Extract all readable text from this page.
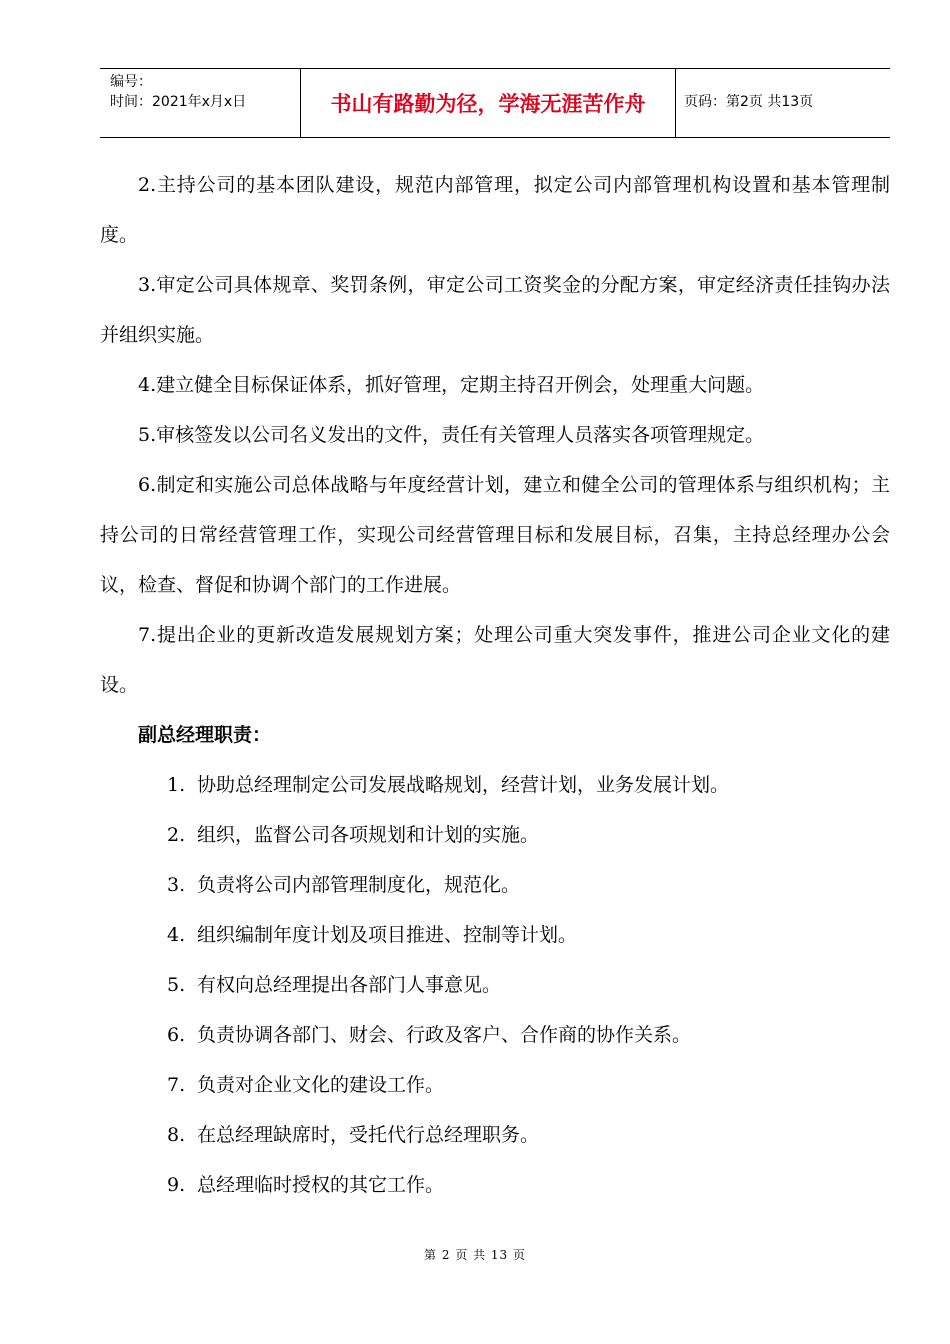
编号：
时间：2021年x月x日	书山有路勤为径，学海无涯苦作舟	页码：第2页 共13页

2.主持公司的基本团队建设，规范内部管理，拟定公司内部管理机构设置和基本管理制度。

3.审定公司具体规章、奖罚条例，审定公司工资奖金的分配方案，审定经济责任挂钩办法并组织实施。

4.建立健全目标保证体系，抓好管理，定期主持召开例会，处理重大问题。

5.审核签发以公司名义发出的文件，责任有关管理人员落实各项管理规定。

6.制定和实施公司总体战略与年度经营计划，建立和健全公司的管理体系与组织机构；主持公司的日常经营管理工作，实现公司经营管理目标和发展目标，召集，主持总经理办公会议，检查、督促和协调个部门的工作进展。

7.提出企业的更新改造发展规划方案；处理公司重大突发事件，推进公司企业文化的建设。

副总经理职责：

1. 协助总经理制定公司发展战略规划，经营计划，业务发展计划。

2. 组织，监督公司各项规划和计划的实施。

3. 负责将公司内部管理制度化，规范化。

4. 组织编制年度计划及项目推进、控制等计划。

5. 有权向总经理提出各部门人事意见。

6. 负责协调各部门、财会、行政及客户、合作商的协作关系。

7. 负责对企业文化的建设工作。

8. 在总经理缺席时，受托代行总经理职务。

9. 总经理临时授权的其它工作。

第 2 页 共 13 页
